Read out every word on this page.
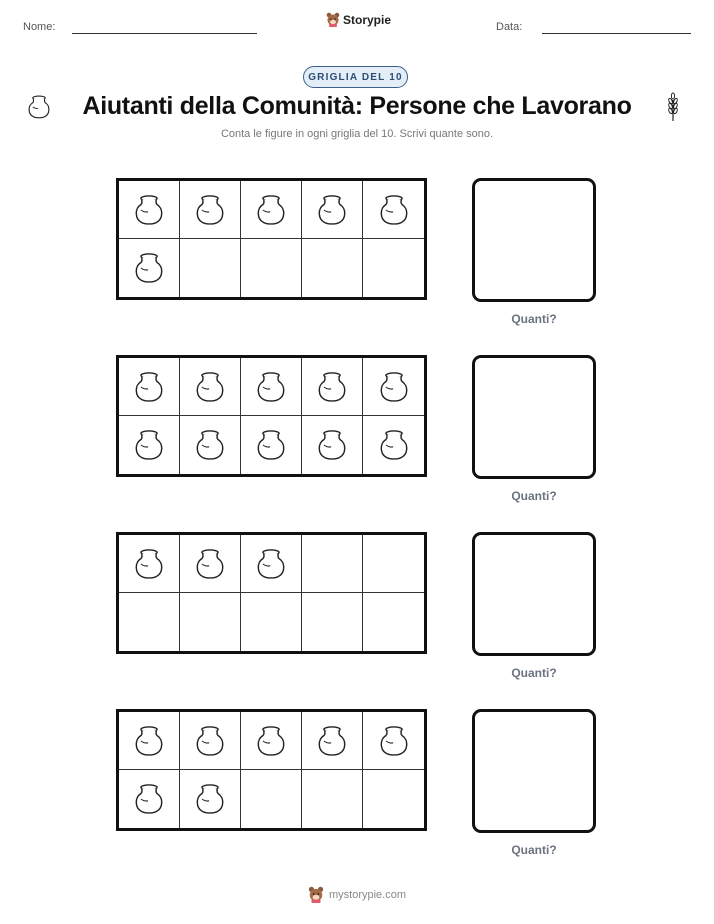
Nome:
Storypie
Data:
GRIGLIA DEL 10
Aiutanti della Comunità: Persone che Lavorano
Conta le figure in ogni griglia del 10. Scrivi quante sono.
Quanti?
Quanti?
Quanti?
Quanti?
mystorypie.com
